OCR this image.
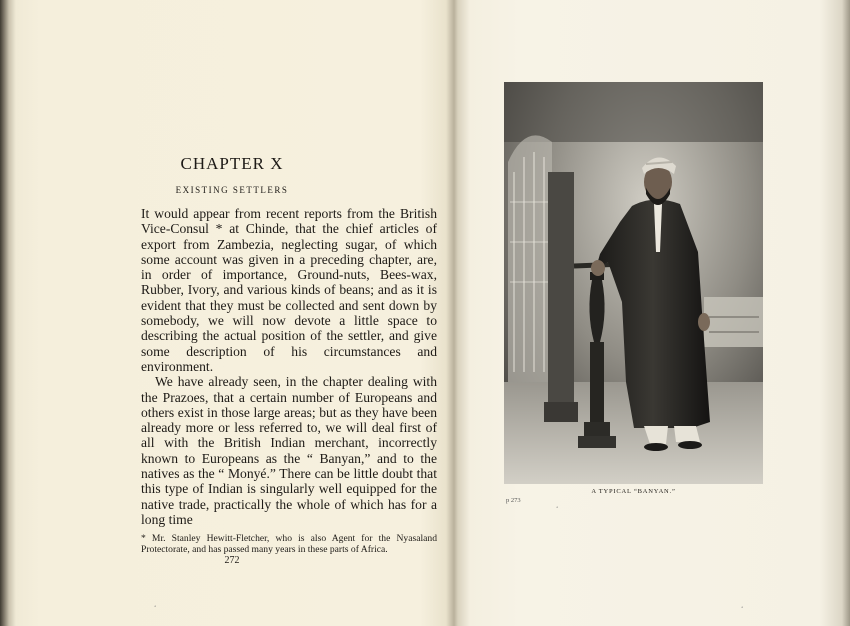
CHAPTER X
EXISTING SETTLERS

It would appear from recent reports from the British Vice-Consul * at Chinde, that the chief articles of export from Zambezia, neglecting sugar, of which some account was given in a preceding chapter, are, in order of importance, Ground-nuts, Bees-wax, Rubber, Ivory, and various kinds of beans; and as it is evident that they must be collected and sent down by somebody, we will now devote a little space to describing the actual position of the settler, and give some description of his circumstances and environment.

We have already seen, in the chapter dealing with the Prazoes, that a certain number of Europeans and others exist in those large areas; but as they have been already more or less referred to, we will deal first of all with the British Indian merchant, incorrectly known to Europeans as the “ Banyan,” and to the natives as the “ Monyé.” There can be little doubt that this type of Indian is singularly well equipped for the native trade, practically the whole of which has for a long time

* Mr. Stanley Hewitt-Fletcher, who is also Agent for the Nyasaland Protectorate, and has passed many years in these parts of Africa.
272
‘
A TYPICAL “BANYAN.”
p 273
‘
‘
